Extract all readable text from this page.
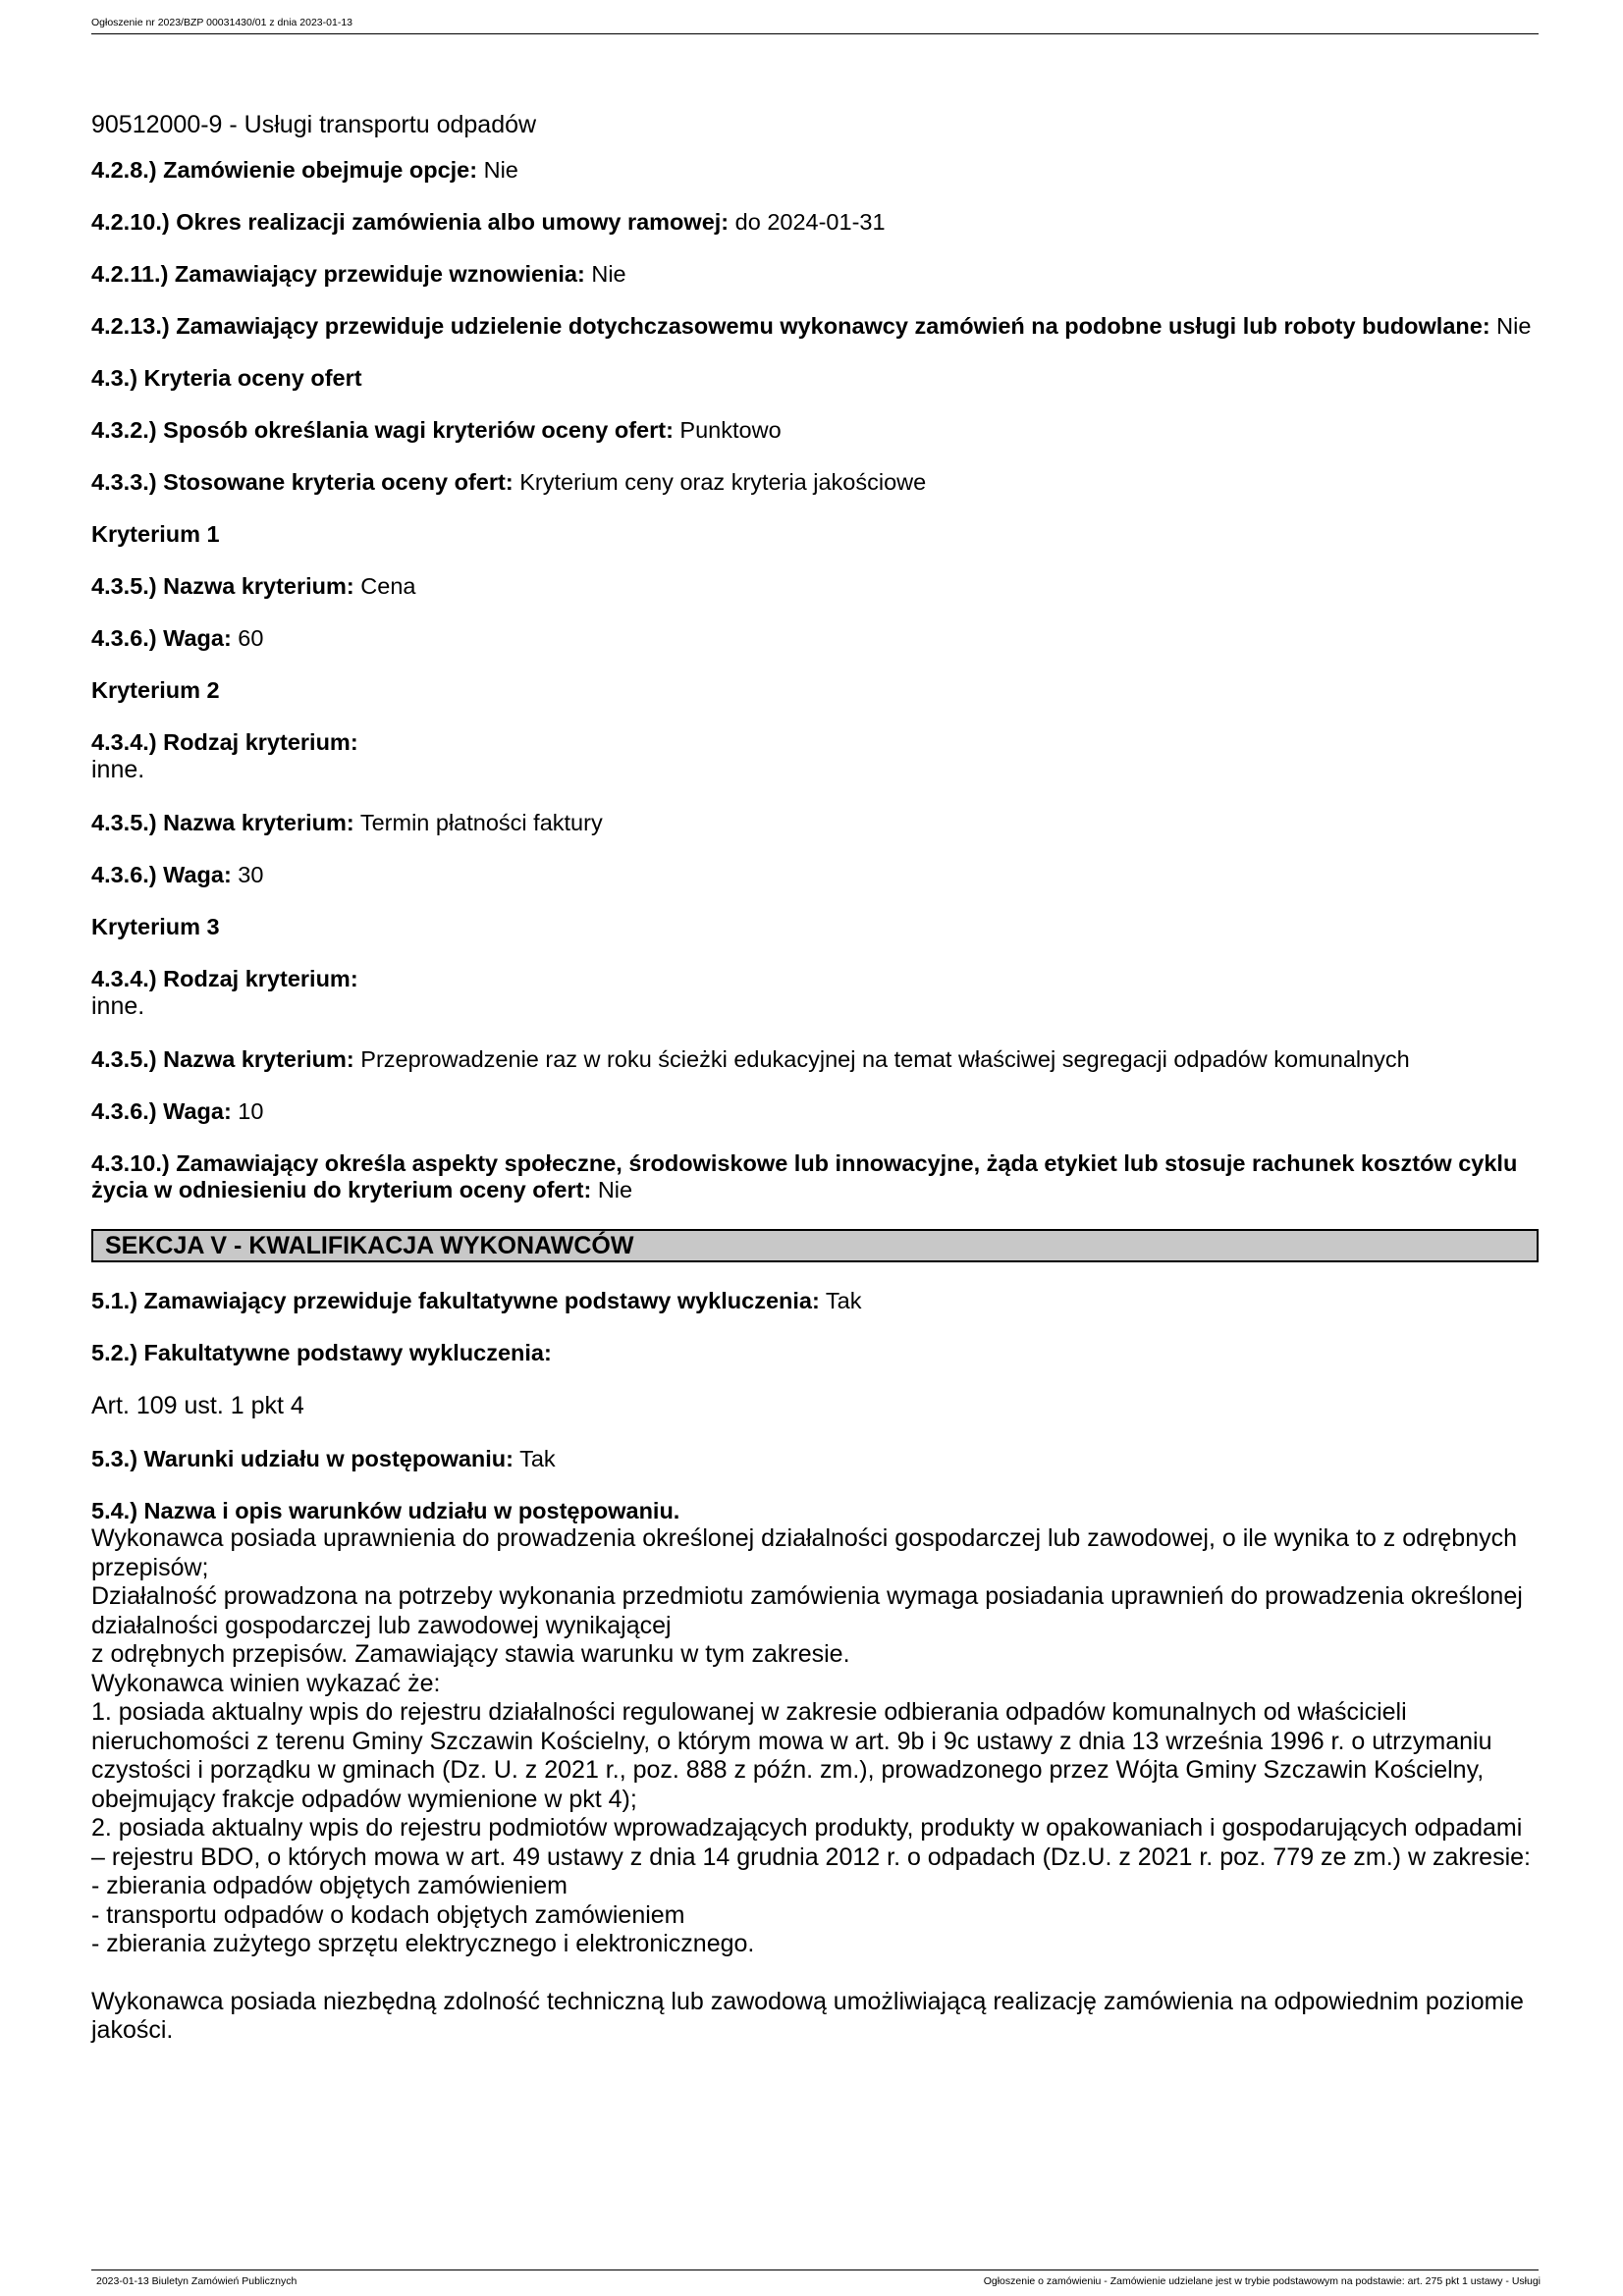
Ogłoszenie nr 2023/BZP 00031430/01 z dnia 2023-01-13

90512000-9 - Usługi transportu odpadów

4.2.8.) Zamówienie obejmuje opcje: Nie

4.2.10.) Okres realizacji zamówienia albo umowy ramowej: do 2024-01-31

4.2.11.) Zamawiający przewiduje wznowienia: Nie

4.2.13.) Zamawiający przewiduje udzielenie dotychczasowemu wykonawcy zamówień na podobne usługi lub roboty budowlane: Nie

4.3.) Kryteria oceny ofert

4.3.2.) Sposób określania wagi kryteriów oceny ofert: Punktowo

4.3.3.) Stosowane kryteria oceny ofert: Kryterium ceny oraz kryteria jakościowe

Kryterium 1

4.3.5.) Nazwa kryterium: Cena

4.3.6.) Waga: 60

Kryterium 2

4.3.4.) Rodzaj kryterium:
inne.

4.3.5.) Nazwa kryterium: Termin płatności faktury

4.3.6.) Waga: 30

Kryterium 3

4.3.4.) Rodzaj kryterium:
inne.

4.3.5.) Nazwa kryterium: Przeprowadzenie raz w roku ścieżki edukacyjnej na temat właściwej segregacji odpadów komunalnych

4.3.6.) Waga: 10

4.3.10.) Zamawiający określa aspekty społeczne, środowiskowe lub innowacyjne, żąda etykiet lub stosuje rachunek kosztów cyklu życia w odniesieniu do kryterium oceny ofert: Nie

SEKCJA V - KWALIFIKACJA WYKONAWCÓW

5.1.) Zamawiający przewiduje fakultatywne podstawy wykluczenia: Tak

5.2.) Fakultatywne podstawy wykluczenia:

Art. 109 ust. 1 pkt 4

5.3.) Warunki udziału w postępowaniu: Tak

5.4.) Nazwa i opis warunków udziału w postępowaniu.
Wykonawca posiada uprawnienia do prowadzenia określonej działalności gospodarczej lub zawodowej, o ile wynika to z odrębnych przepisów;
Działalność prowadzona na potrzeby wykonania przedmiotu zamówienia wymaga posiadania uprawnień do prowadzenia określonej działalności gospodarczej lub zawodowej wynikającej
z odrębnych przepisów. Zamawiający stawia warunku w tym zakresie.
Wykonawca winien wykazać że:
1. posiada aktualny wpis do rejestru działalności regulowanej w zakresie odbierania odpadów komunalnych od właścicieli nieruchomości z terenu Gminy Szczawin Kościelny, o którym mowa w art. 9b i 9c ustawy z dnia 13 września 1996 r. o utrzymaniu czystości i porządku w gminach (Dz. U. z 2021 r., poz. 888 z późn. zm.), prowadzonego przez Wójta Gminy Szczawin Kościelny, obejmujący frakcje odpadów wymienione w pkt 4);
2. posiada aktualny wpis do rejestru podmiotów wprowadzających produkty, produkty w opakowaniach i gospodarujących odpadami – rejestru BDO, o których mowa w art. 49 ustawy z dnia 14 grudnia 2012 r. o odpadach (Dz.U. z 2021 r. poz. 779 ze zm.) w zakresie:
- zbierania odpadów objętych zamówieniem
- transportu odpadów o kodach objętych zamówieniem
- zbierania zużytego sprzętu elektrycznego i elektronicznego.
Wykonawca posiada niezbędną zdolność techniczną lub zawodową umożliwiającą realizację zamówienia na odpowiednim poziomie jakości.
2023-01-13 Biuletyn Zamówień Publicznych	Ogłoszenie o zamówieniu - Zamówienie udzielane jest w trybie podstawowym na podstawie: art. 275 pkt 1 ustawy - Usługi
